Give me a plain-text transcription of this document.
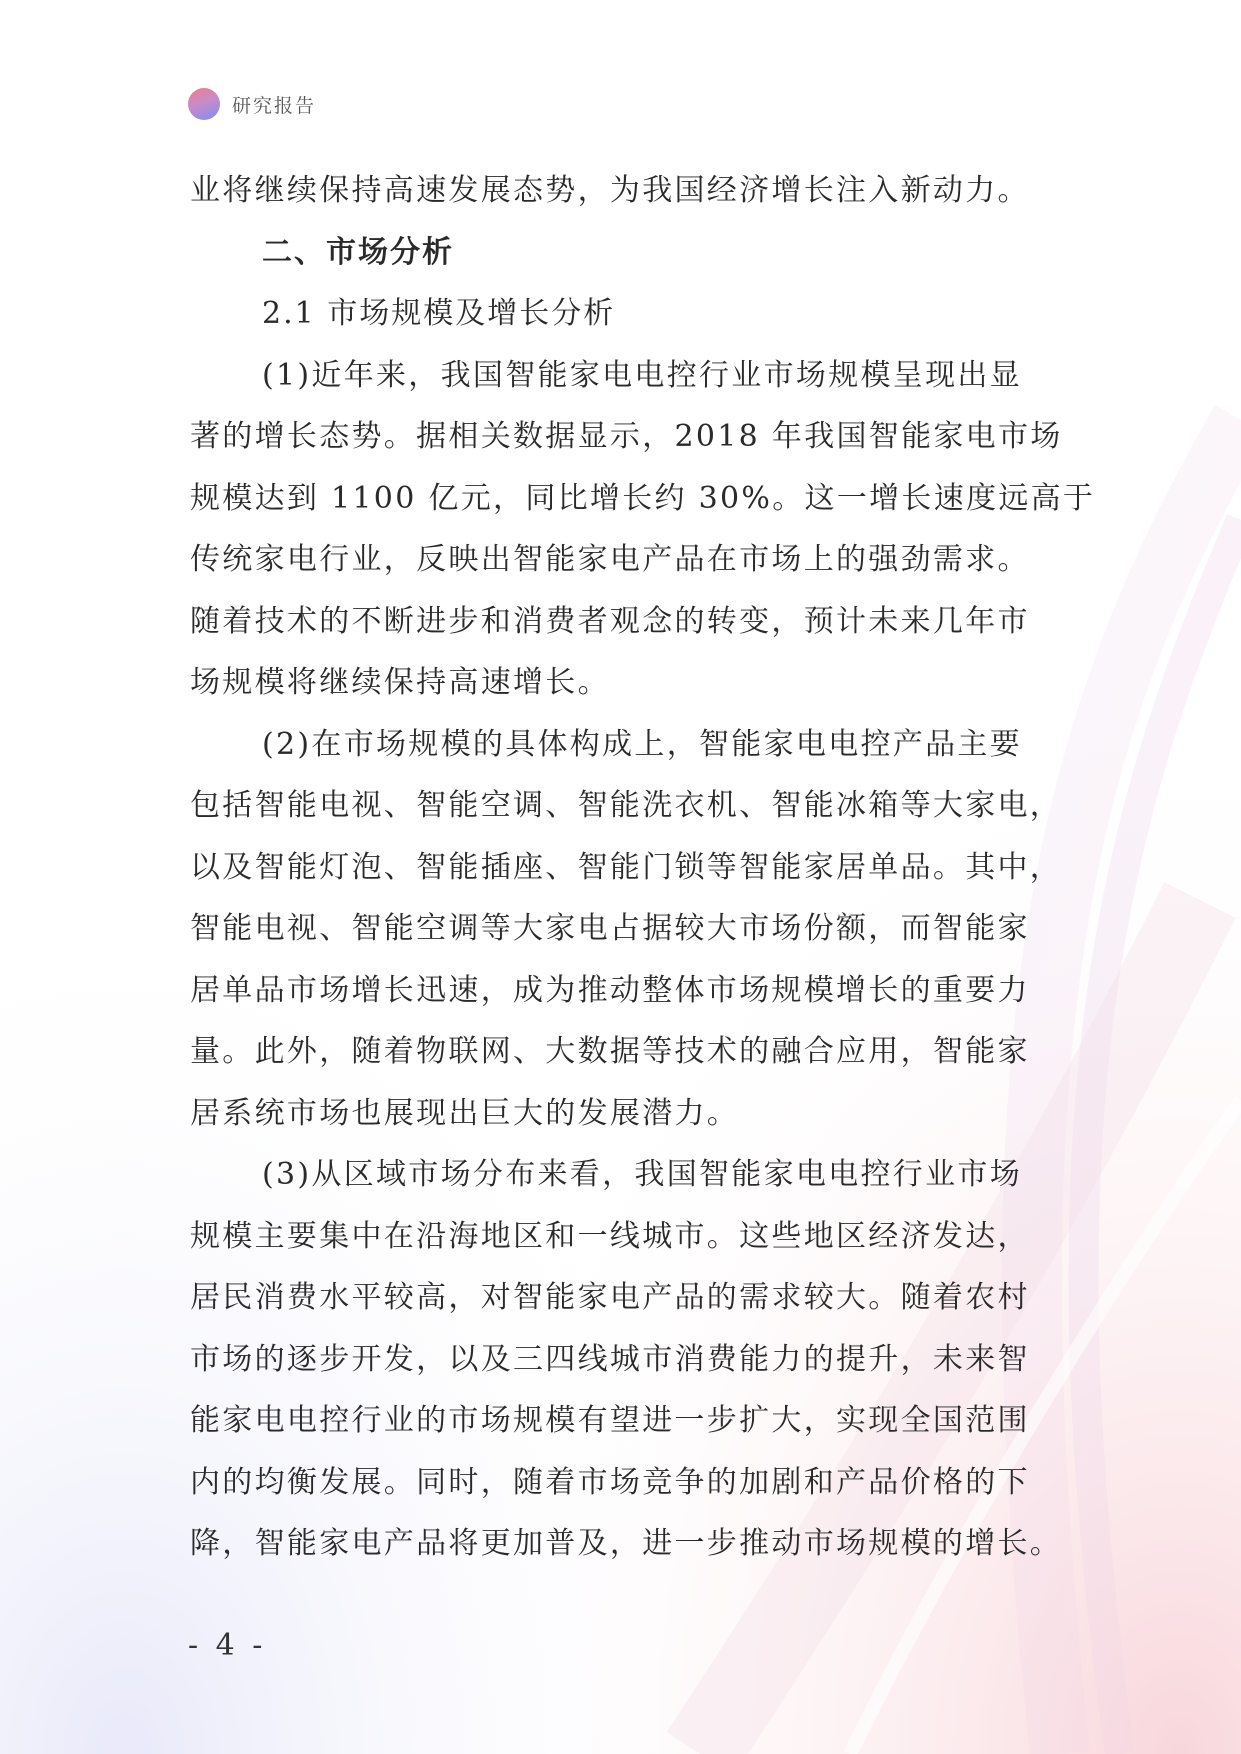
研究报告

业将继续保持高速发展态势，为我国经济增长注入新动力。

二、市场分析

2.1 市场规模及增长分析

(1)近年来，我国智能家电电控行业市场规模呈现出显

著的增长态势。据相关数据显示，2018 年我国智能家电市场

规模达到 1100 亿元，同比增长约 30%。这一增长速度远高于

传统家电行业，反映出智能家电产品在市场上的强劲需求。

随着技术的不断进步和消费者观念的转变，预计未来几年市

场规模将继续保持高速增长。

(2)在市场规模的具体构成上，智能家电电控产品主要

包括智能电视、智能空调、智能洗衣机、智能冰箱等大家电，

以及智能灯泡、智能插座、智能门锁等智能家居单品。其中，

智能电视、智能空调等大家电占据较大市场份额，而智能家

居单品市场增长迅速，成为推动整体市场规模增长的重要力

量。此外，随着物联网、大数据等技术的融合应用，智能家

居系统市场也展现出巨大的发展潜力。

(3)从区域市场分布来看，我国智能家电电控行业市场

规模主要集中在沿海地区和一线城市。这些地区经济发达，

居民消费水平较高，对智能家电产品的需求较大。随着农村

市场的逐步开发，以及三四线城市消费能力的提升，未来智

能家电电控行业的市场规模有望进一步扩大，实现全国范围

内的均衡发展。同时，随着市场竞争的加剧和产品价格的下

降，智能家电产品将更加普及，进一步推动市场规模的增长。

- 4 -
